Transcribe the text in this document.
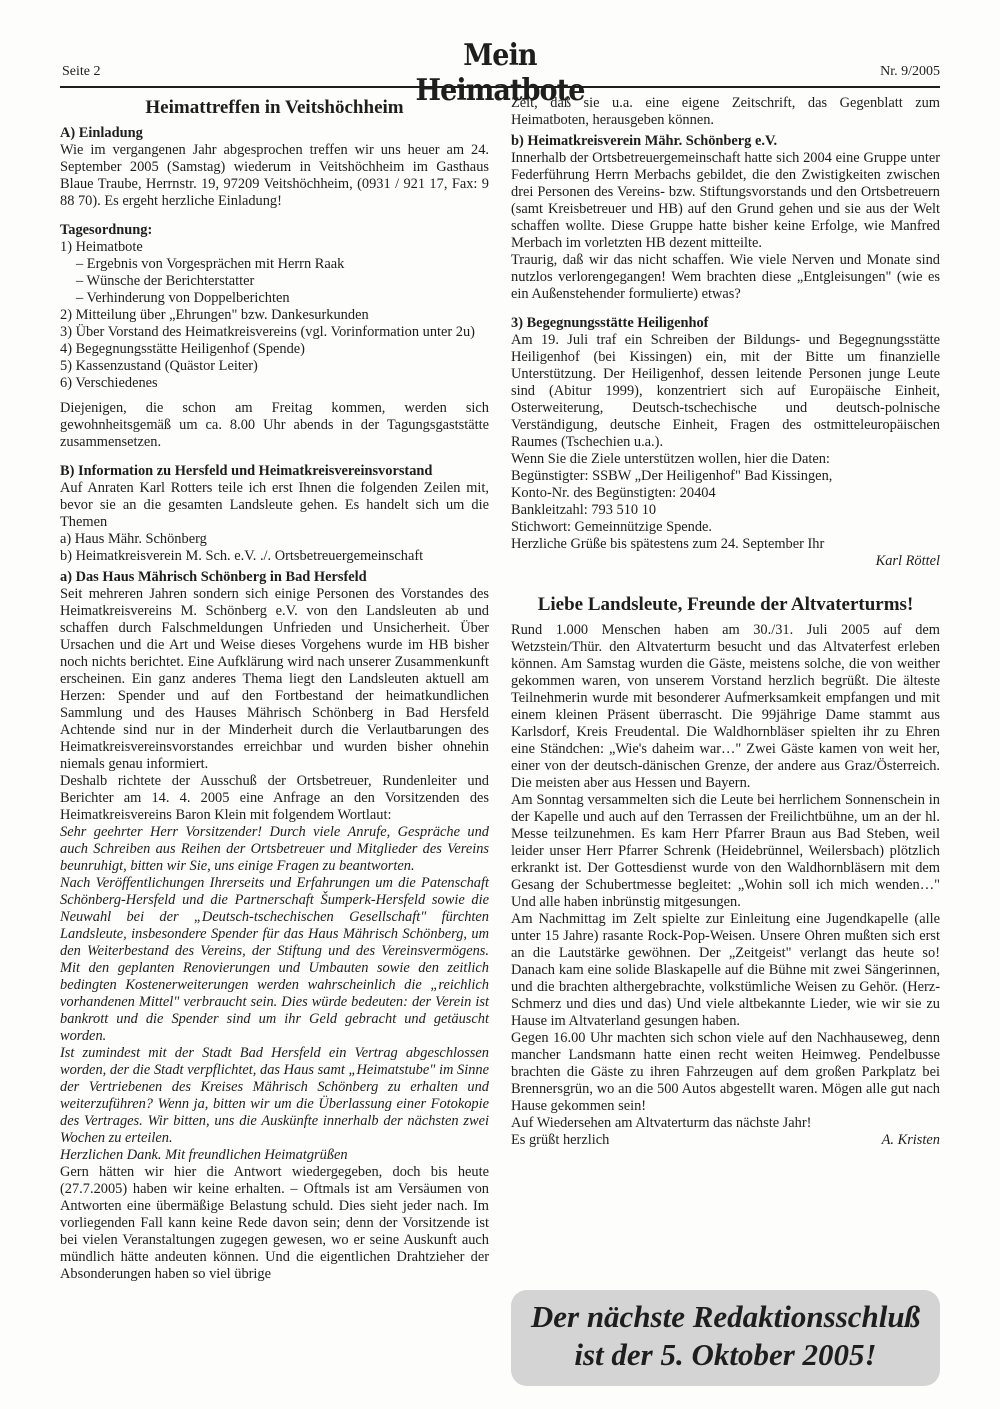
Seite 2	Mein Heimatbote
Nr. 9/2005
Heimattreffen in Veitshöchheim
A) Einladung

Wie im vergangenen Jahr abgesprochen treffen wir uns heuer am 24. September 2005 (Samstag) wiederum in Veitshöchheim im Gasthaus Blaue Traube, Herrnstr. 19, 97209 Veitshöchheim, (0931 / 921 17, Fax: 9 88 70). Es ergeht herzliche Einladung!

Tagesordnung:
1) Heimatbote
– Ergebnis von Vorgesprächen mit Herrn Raak
– Wünsche der Berichterstatter
– Verhinderung von Doppelberichten
2) Mitteilung über „Ehrungen" bzw. Dankesurkunden
3) Über Vorstand des Heimatkreisvereins (vgl. Vorinformation unter 2u)
4) Begegnungsstätte Heiligenhof (Spende)
5) Kassenzustand (Quästor Leiter)
6) Verschiedenes

Diejenigen, die schon am Freitag kommen, werden sich gewohnheitsgemäß um ca. 8.00 Uhr abends in der Tagungsgaststätte zusammensetzen.

B) Information zu Hersfeld und Heimatkreisvereinsvorstand

Auf Anraten Karl Rotters teile ich erst Ihnen die folgenden Zeilen mit, bevor sie an die gesamten Landsleute gehen. Es handelt sich um die Themen

a) Haus Mähr. Schönberg
b) Heimatkreisverein M. Sch. e.V. ./. Ortsbetreuergemeinschaft
a) Das Haus Mährisch Schönberg in Bad Hersfeld

Seit mehreren Jahren sondern sich einige Personen des Vorstandes des Heimatkreisvereins M. Schönberg e.V. von den Landsleuten ab und schaffen durch Falschmeldungen Unfrieden und Unsicherheit. Über Ursachen und die Art und Weise dieses Vorgehens wurde im HB bisher noch nichts berichtet. Eine Aufklärung wird nach unserer Zusammenkunft erscheinen. Ein ganz anderes Thema liegt den Landsleuten aktuell am Herzen: Spender und auf den Fortbestand der heimatkundlichen Sammlung und des Hauses Mährisch Schönberg in Bad Hersfeld Achtende sind nur in der Minderheit durch die Verlautbarungen des Heimatkreisvereinsvorstandes erreichbar und wurden bisher ohnehin niemals genau informiert.

Deshalb richtete der Ausschuß der Ortsbetreuer, Rundenleiter und Berichter am 14. 4. 2005 eine Anfrage an den Vorsitzenden des Heimatkreisvereins Baron Klein mit folgendem Wortlaut:

Sehr geehrter Herr Vorsitzender! Durch viele Anrufe, Gespräche und auch Schreiben aus Reihen der Ortsbetreuer und Mitglieder des Vereins beunruhigt, bitten wir Sie, uns einige Fragen zu beantworten.

Nach Veröffentlichungen Ihrerseits und Erfahrungen um die Patenschaft Schönberg-Hersfeld und die Partnerschaft Šumperk-Hersfeld sowie die Neuwahl bei der „Deutsch-tschechischen Gesellschaft" fürchten Landsleute, insbesondere Spender für das Haus Mährisch Schönberg, um den Weiterbestand des Vereins, der Stiftung und des Vereinsvermögens. Mit den geplanten Renovierungen und Umbauten sowie den zeitlich bedingten Kostenerweiterungen werden wahrscheinlich die „reichlich vorhandenen Mittel" verbraucht sein. Dies würde bedeuten: der Verein ist bankrott und die Spender sind um ihr Geld gebracht und getäuscht worden.

Ist zumindest mit der Stadt Bad Hersfeld ein Vertrag abgeschlossen worden, der die Stadt verpflichtet, das Haus samt „Heimatstube" im Sinne der Vertriebenen des Kreises Mährisch Schönberg zu erhalten und weiterzuführen? Wenn ja, bitten wir um die Überlassung einer Fotokopie des Vertrages. Wir bitten, uns die Auskünfte innerhalb der nächsten zwei Wochen zu erteilen.

Herzlichen Dank. Mit freundlichen Heimatgrüßen

Gern hätten wir hier die Antwort wiedergegeben, doch bis heute (27.7.2005) haben wir keine erhalten. – Oftmals ist am Versäumen von Antworten eine übermäßige Belastung schuld. Dies sieht jeder nach. Im vorliegenden Fall kann keine Rede davon sein; denn der Vorsitzende ist bei vielen Veranstaltungen zugegen gewesen, wo er seine Auskunft auch mündlich hätte andeuten können. Und die eigentlichen Drahtzieher der Absonderungen haben so viel übrige

Zeit, daß sie u.a. eine eigene Zeitschrift, das Gegenblatt zum Heimatboten, herausgeben können.

b) Heimatkreisverein Mähr. Schönberg e.V.

Innerhalb der Ortsbetreuergemeinschaft hatte sich 2004 eine Gruppe unter Federführung Herrn Merbachs gebildet, die den Zwistigkeiten zwischen drei Personen des Vereins- bzw. Stiftungsvorstands und den Ortsbetreuern (samt Kreisbetreuer und HB) auf den Grund gehen und sie aus der Welt schaffen wollte. Diese Gruppe hatte bisher keine Erfolge, wie Manfred Merbach im vorletzten HB dezent mitteilte.

Traurig, daß wir das nicht schaffen. Wie viele Nerven und Monate sind nutzlos verlorengegangen! Wem brachten diese „Entgleisungen" (wie es ein Außenstehender formulierte) etwas?

3) Begegnungsstätte Heiligenhof

Am 19. Juli traf ein Schreiben der Bildungs- und Begegnungsstätte Heiligenhof (bei Kissingen) ein, mit der Bitte um finanzielle Unterstützung. Der Heiligenhof, dessen leitende Personen junge Leute sind (Abitur 1999), konzentriert sich auf Europäische Einheit, Osterweiterung, Deutsch-tschechische und deutsch-polnische Verständigung, deutsche Einheit, Fragen des ostmitteleuropäischen Raumes (Tschechien u.a.).

Wenn Sie die Ziele unterstützen wollen, hier die Daten:
Begünstigter: SSBW „Der Heiligenhof" Bad Kissingen,
Konto-Nr. des Begünstigten: 20404
Bankleitzahl: 793 510 10
Stichwort: Gemeinnützige Spende.
Herzliche Grüße bis spätestens zum 24. September Ihr
Karl Röttel
Liebe Landsleute, Freunde der Altvaterturms!

Rund 1.000 Menschen haben am 30./31. Juli 2005 auf dem Wetzstein/Thür. den Altvaterturm besucht und das Altvaterfest erleben können. Am Samstag wurden die Gäste, meistens solche, die von weither gekommen waren, von unserem Vorstand herzlich begrüßt. Die älteste Teilnehmerin wurde mit besonderer Aufmerksamkeit empfangen und mit einem kleinen Präsent überrascht. Die 99jährige Dame stammt aus Karlsdorf, Kreis Freudental. Die Waldhornbläser spielten ihr zu Ehren eine Ständchen: „Wie's daheim war…" Zwei Gäste kamen von weit her, einer von der deutsch-dänischen Grenze, der andere aus Graz/Österreich. Die meisten aber aus Hessen und Bayern.

Am Sonntag versammelten sich die Leute bei herrlichem Sonnenschein in der Kapelle und auch auf den Terrassen der Freilichtbühne, um an der hl. Messe teilzunehmen. Es kam Herr Pfarrer Braun aus Bad Steben, weil leider unser Herr Pfarrer Schrenk (Heidebrünnel, Weilersbach) plötzlich erkrankt ist. Der Gottesdienst wurde von den Waldhornbläsern mit dem Gesang der Schubertmesse begleitet: „Wohin soll ich mich wenden…" Und alle haben inbrünstig mitgesungen.

Am Nachmittag im Zelt spielte zur Einleitung eine Jugendkapelle (alle unter 15 Jahre) rasante Rock-Pop-Weisen. Unsere Ohren mußten sich erst an die Lautstärke gewöhnen. Der „Zeitgeist" verlangt das heute so! Danach kam eine solide Blaskapelle auf die Bühne mit zwei Sängerinnen, und die brachten althergebrachte, volkstümliche Weisen zu Gehör. (Herz-Schmerz und dies und das) Und viele altbekannte Lieder, wie wir sie zu Hause im Altvaterland gesungen haben.

Gegen 16.00 Uhr machten sich schon viele auf den Nachhauseweg, denn mancher Landsmann hatte einen recht weiten Heimweg. Pendelbusse brachten die Gäste zu ihren Fahrzeugen auf dem großen Parkplatz bei Brennersgrün, wo an die 500 Autos abgestellt waren. Mögen alle gut nach Hause gekommen sein!

Auf Wiedersehen am Altvaterturm das nächste Jahr!

Es grüßt herzlich	A. Kristen
Der nächste Redaktionsschluß
ist der 5. Oktober 2005!
